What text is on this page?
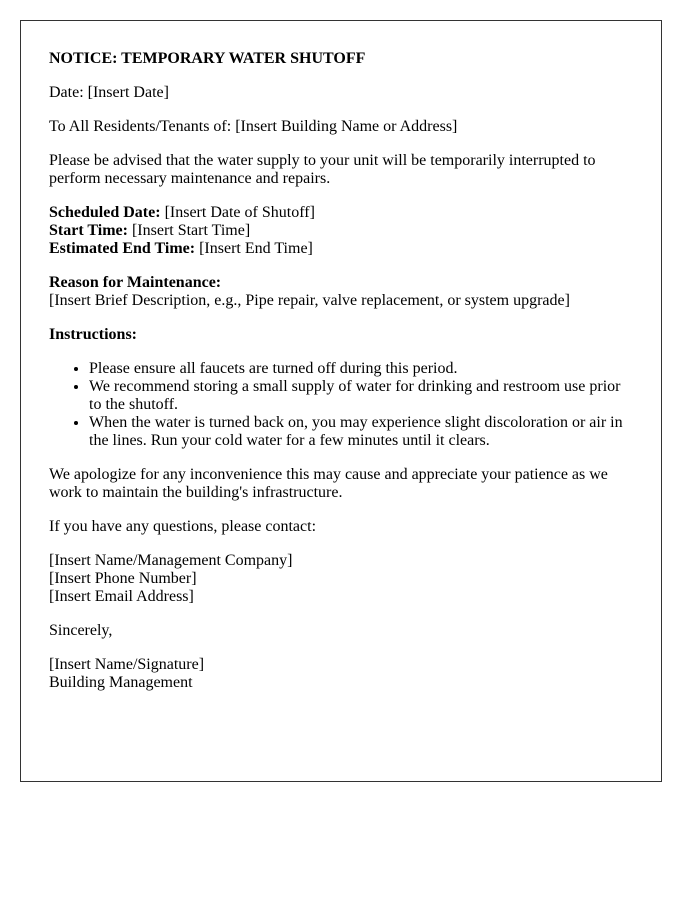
NOTICE: TEMPORARY WATER SHUTOFF

Date: [Insert Date]

To All Residents/Tenants of: [Insert Building Name or Address]

Please be advised that the water supply to your unit will be temporarily interrupted to perform necessary maintenance and repairs.

Scheduled Date: [Insert Date of Shutoff]
Start Time: [Insert Start Time]
Estimated End Time: [Insert End Time]

Reason for Maintenance:
[Insert Brief Description, e.g., Pipe repair, valve replacement, or system upgrade]

Instructions:

• Please ensure all faucets are turned off during this period.
• We recommend storing a small supply of water for drinking and restroom use prior to the shutoff.
• When the water is turned back on, you may experience slight discoloration or air in the lines. Run your cold water for a few minutes until it clears.

We apologize for any inconvenience this may cause and appreciate your patience as we work to maintain the building's infrastructure.

If you have any questions, please contact:

[Insert Name/Management Company]
[Insert Phone Number]
[Insert Email Address]

Sincerely,

[Insert Name/Signature]
Building Management
